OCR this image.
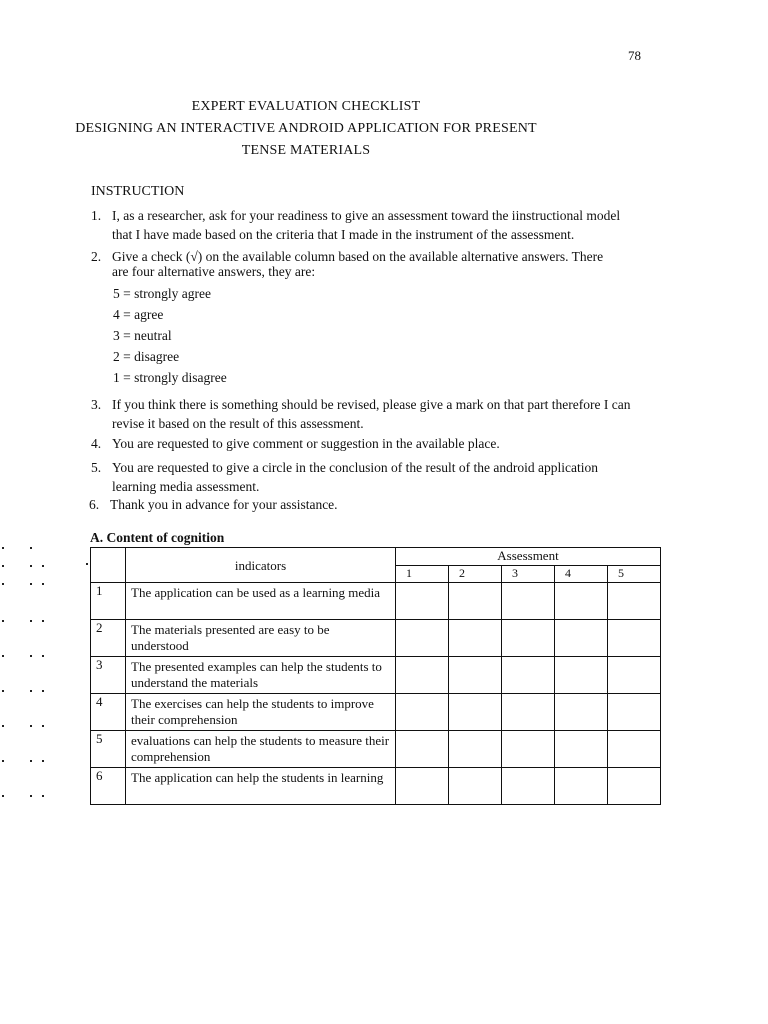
78
EXPERT EVALUATION CHECKLIST
DESIGNING AN INTERACTIVE ANDROID APPLICATION FOR PRESENT
TENSE MATERIALS
INSTRUCTION
1. I, as a researcher, ask for your readiness to give an assessment toward the iinstructional model
that I have made based on the criteria that I made in the instrument of the assessment.
2. Give a check (√) on the available column based on the available alternative answers. There
are four alternative answers, they are:
5 = strongly agree
4 = agree
3 = neutral
2 = disagree
1 = strongly disagree
3. If you think there is something should be revised, please give a mark on that part therefore I can
revise it based on the result of this assessment.
4. You are requested to give comment or suggestion in the available place.
5. You are requested to give a circle in the conclusion of the result of the android application
learning media assessment.
6. Thank you in advance for your assistance.
A. Content of cognition
	indicators	Assessment				
		1	2	3	4	5
1	The application can be used as a learning media					
2	The materials presented are easy to be understood					
3	The presented examples can help the students to understand the materials					
4	The exercises can help the students to improve their comprehension					
5	evaluations can help the students to measure their comprehension					
6	The application can help the students in learning					
